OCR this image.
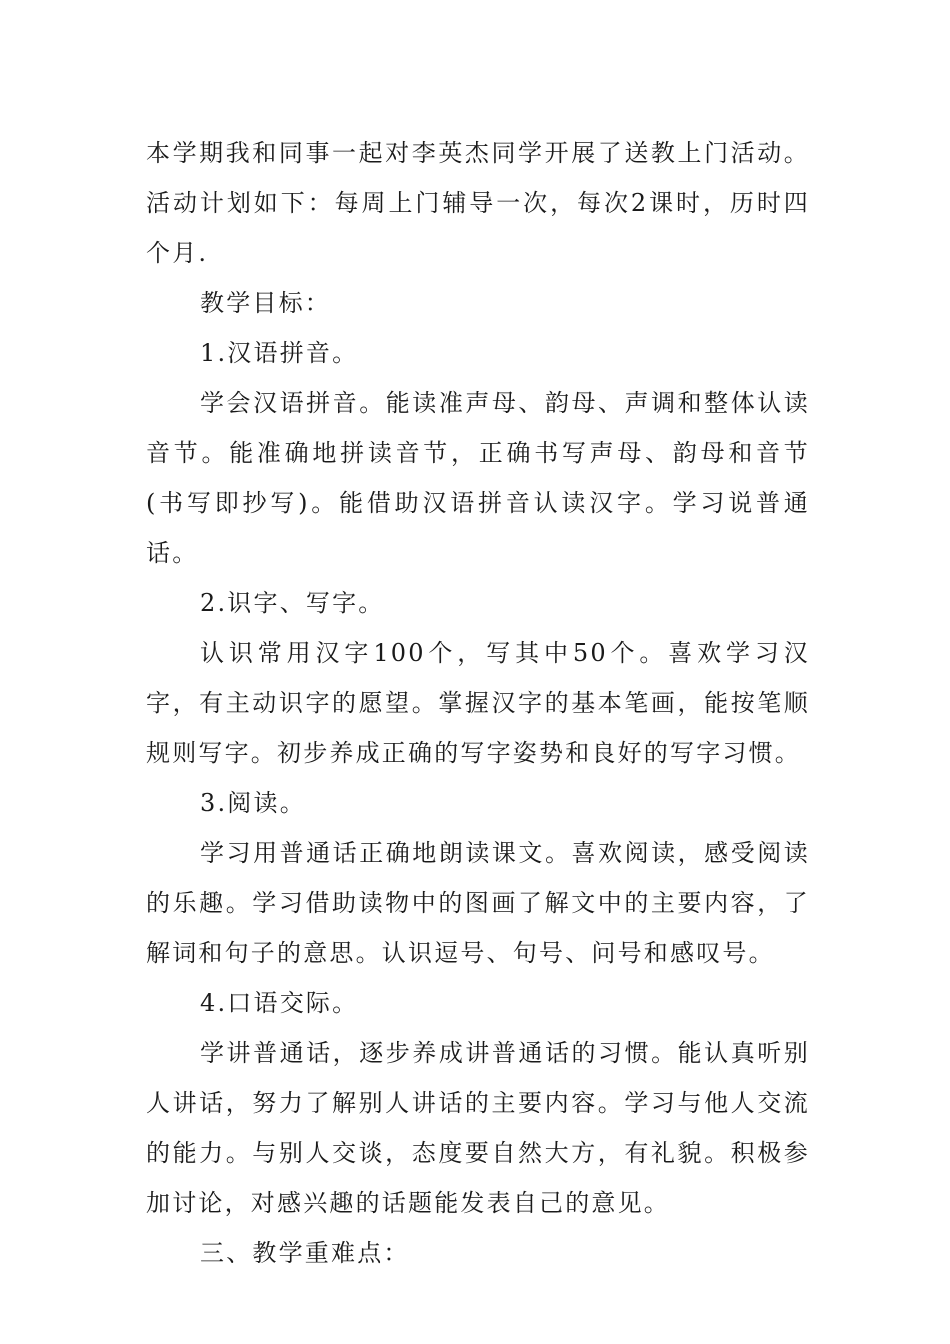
本学期我和同事一起对李英杰同学开展了送教上门活动。活动计划如下：每周上门辅导一次，每次2课时，历时四个月.

教学目标：

1.汉语拼音。

学会汉语拼音。能读准声母、韵母、声调和整体认读音节。能准确地拼读音节，正确书写声母、韵母和音节(书写即抄写)。能借助汉语拼音认读汉字。学习说普通话。

2.识字、写字。

认识常用汉字100个，写其中50个。喜欢学习汉字，有主动识字的愿望。掌握汉字的基本笔画，能按笔顺规则写字。初步养成正确的写字姿势和良好的写字习惯。

3.阅读。

学习用普通话正确地朗读课文。喜欢阅读，感受阅读的乐趣。学习借助读物中的图画了解文中的主要内容，了解词和句子的意思。认识逗号、句号、问号和感叹号。

4.口语交际。

学讲普通话，逐步养成讲普通话的习惯。能认真听别人讲话，努力了解别人讲话的主要内容。学习与他人交流的能力。与别人交谈，态度要自然大方，有礼貌。积极参加讨论，对感兴趣的话题能发表自己的意见。

三、教学重难点：
